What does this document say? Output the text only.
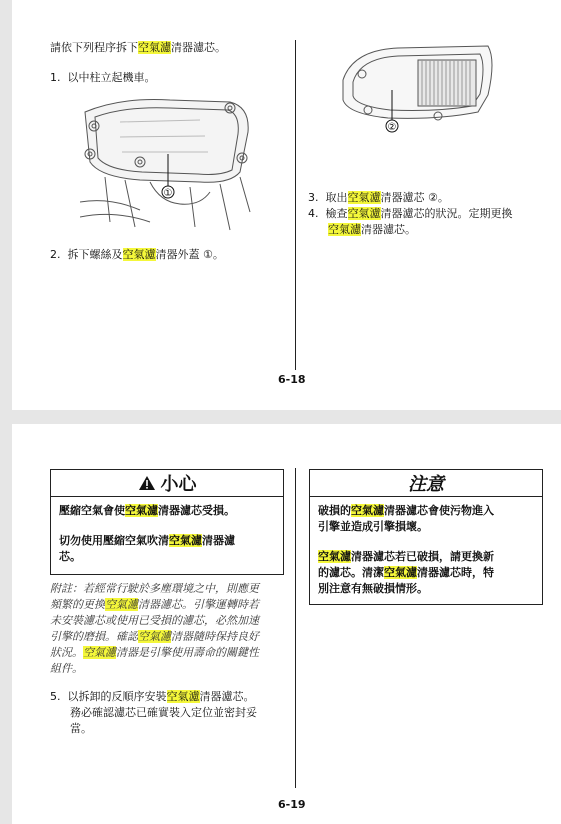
請依下列程序拆下空氣濾清器濾芯。
1. 以中柱立起機車。
①
2. 拆下螺絲及空氣濾清器外蓋 ①。
②
3. 取出空氣濾清器濾芯 ②。
4. 檢查空氣濾清器濾芯的狀況。定期更換
空氣濾清器濾芯。
6-18
小心
壓縮空氣會使空氣濾清器濾芯受損。
切勿使用壓縮空氣吹清空氣濾清器濾
芯。
附註：若經常行駛於多塵環境之中，則應更
頻繁的更換空氣濾清器濾芯。引擎運轉時若
未安裝濾芯或使用已受損的濾芯，必然加速
引擎的磨損。確認空氣濾清器隨時保持良好
狀況。空氣濾清器是引擎使用壽命的關鍵性
組件。
5. 以拆卸的反順序安裝空氣濾清器濾芯。
務必確認濾芯已確實裝入定位並密封妥
當。
注意
破損的空氣濾清器濾芯會使污物進入
引擎並造成引擎損壞。
空氣濾清器濾芯若已破損，請更換新
的濾芯。清潔空氣濾清器濾芯時，特
別注意有無破損情形。
6-19
